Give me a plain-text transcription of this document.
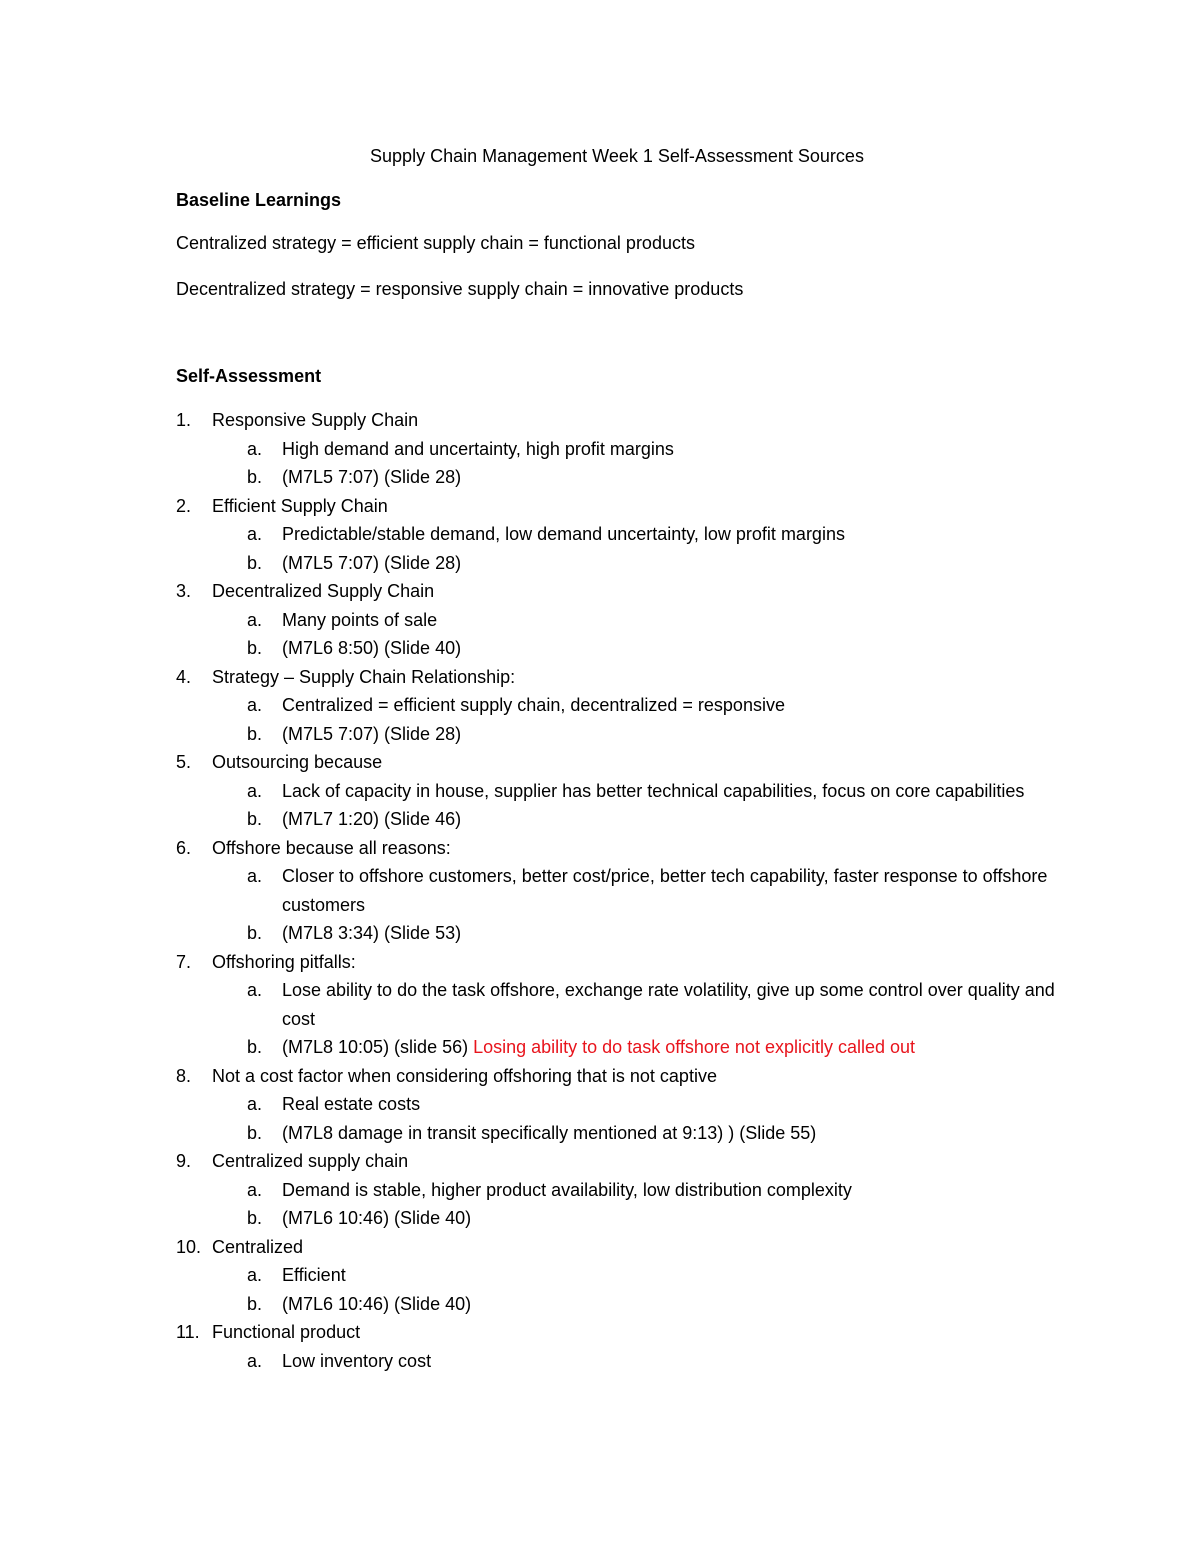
Supply Chain Management Week 1 Self-Assessment Sources
Baseline Learnings
Centralized strategy = efficient supply chain = functional products
Decentralized strategy = responsive supply chain = innovative products
Self-Assessment
1. Responsive Supply Chain
a. High demand and uncertainty, high profit margins
b. (M7L5 7:07) (Slide 28)
2. Efficient Supply Chain
a. Predictable/stable demand, low demand uncertainty, low profit margins
b. (M7L5 7:07) (Slide 28)
3. Decentralized Supply Chain
a. Many points of sale
b. (M7L6 8:50) (Slide 40)
4. Strategy – Supply Chain Relationship:
a. Centralized = efficient supply chain, decentralized = responsive
b. (M7L5 7:07) (Slide 28)
5. Outsourcing because
a. Lack of capacity in house, supplier has better technical capabilities, focus on core capabilities
b. (M7L7 1:20) (Slide 46)
6. Offshore because all reasons:
a. Closer to offshore customers, better cost/price, better tech capability, faster response to offshore customers
b. (M7L8 3:34) (Slide 53)
7. Offshoring pitfalls:
a. Lose ability to do the task offshore, exchange rate volatility, give up some control over quality and cost
b. (M7L8 10:05) (slide 56) Losing ability to do task offshore not explicitly called out
8. Not a cost factor when considering offshoring that is not captive
a. Real estate costs
b. (M7L8 damage in transit specifically mentioned at 9:13) ) (Slide 55)
9. Centralized supply chain
a. Demand is stable, higher product availability, low distribution complexity
b. (M7L6 10:46) (Slide 40)
10. Centralized
a. Efficient
b. (M7L6 10:46) (Slide 40)
11. Functional product
a. Low inventory cost
